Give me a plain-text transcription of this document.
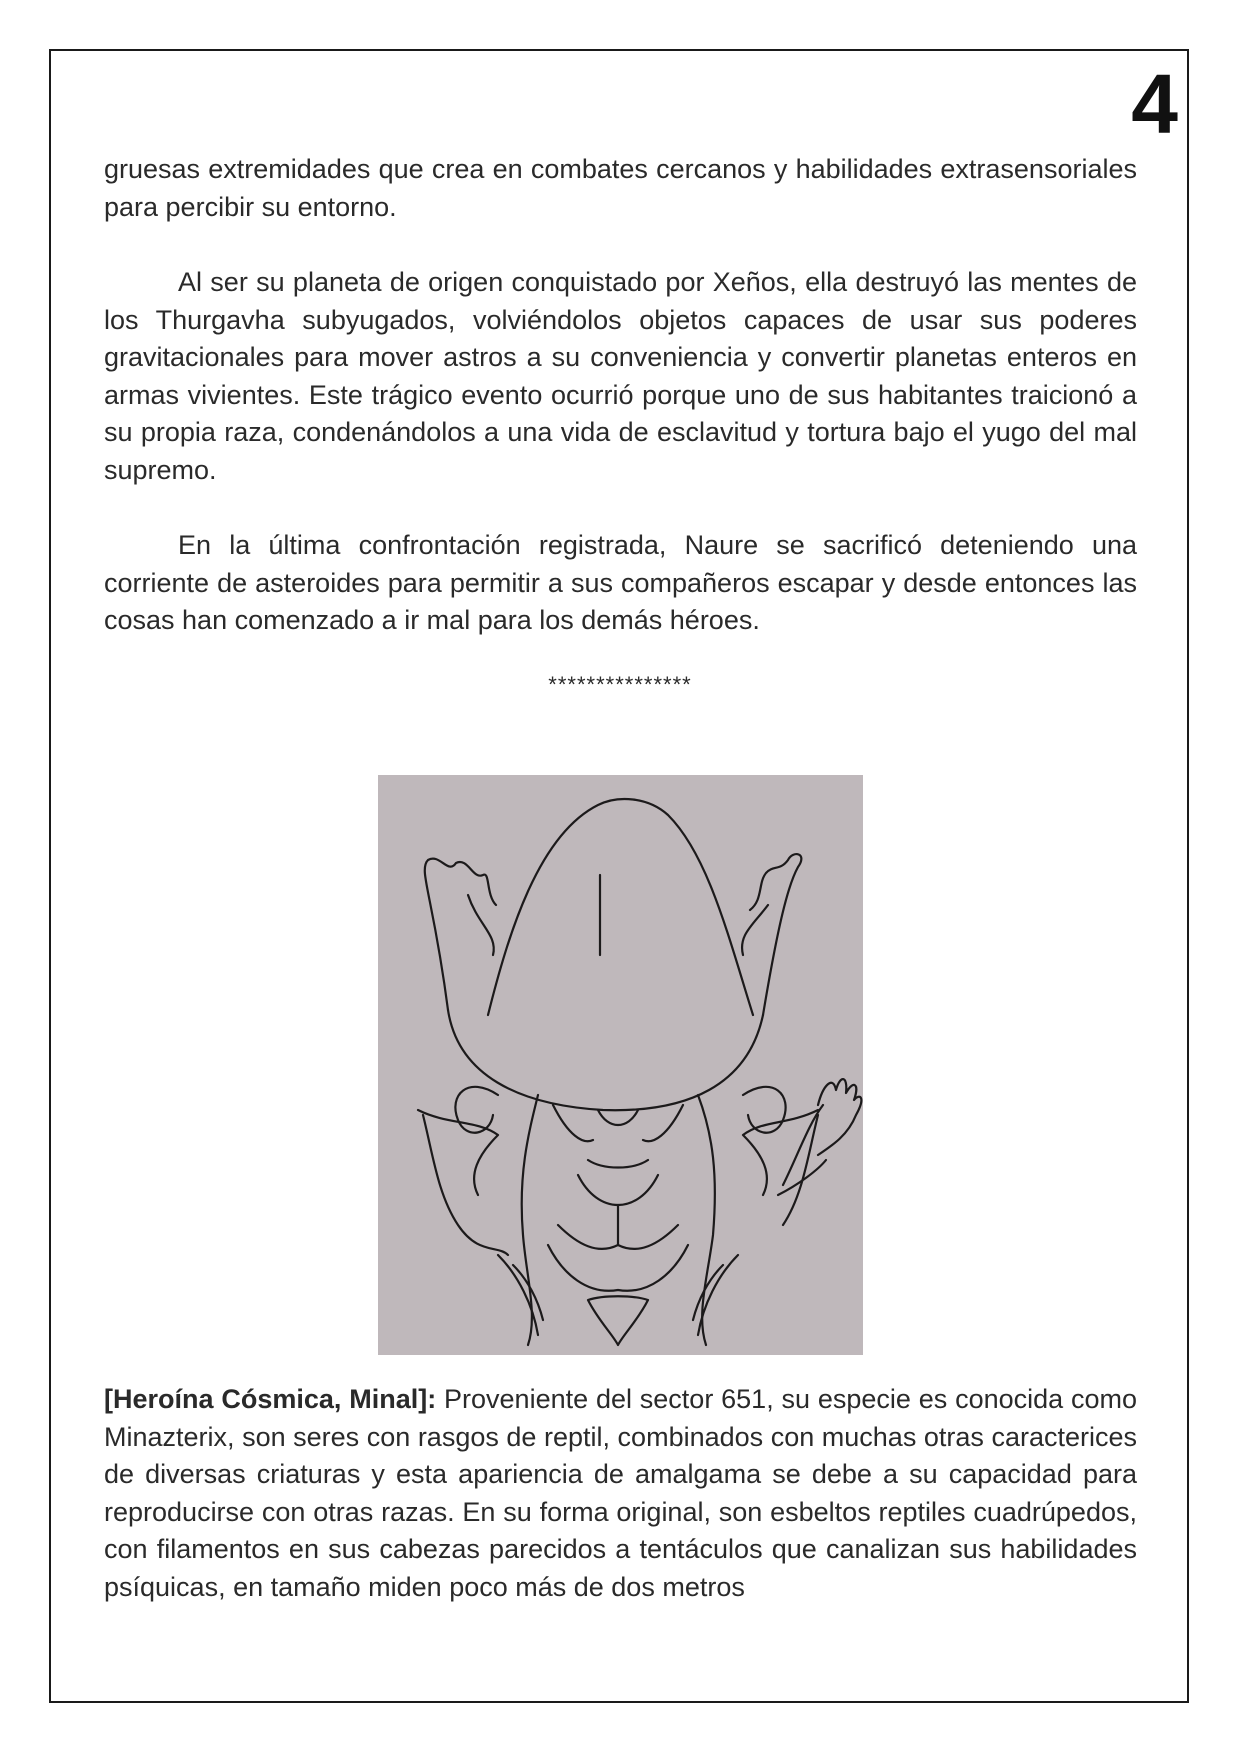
4

gruesas extremidades que crea en combates cercanos y habilidades extrasensoriales para percibir su entorno.

Al ser su planeta de origen conquistado por Xeños, ella destruyó las mentes de los Thurgavha subyugados, volviéndolos objetos capaces de usar sus poderes gravitacionales para mover astros a su conveniencia y convertir planetas enteros en armas vivientes. Este trágico evento ocurrió porque uno de sus habitantes traicionó a su propia raza, condenándolos a una vida de esclavitud y tortura bajo el yugo del mal supremo.

En la última confrontación registrada, Naure se sacrificó deteniendo una corriente de asteroides para permitir a sus compañeros escapar y desde entonces las cosas han comenzado a ir mal para los demás héroes.

***************

[Heroína Cósmica, Minal]: Proveniente del sector 651, su especie es conocida como Minazterix, son seres con rasgos de reptil, combinados con muchas otras caracterices de diversas criaturas y esta apariencia de amalgama se debe a su capacidad para reproducirse con otras razas. En su forma original, son esbeltos reptiles cuadrúpedos, con filamentos en sus cabezas parecidos a tentáculos que canalizan sus habilidades psíquicas, en tamaño miden poco más de dos metros
